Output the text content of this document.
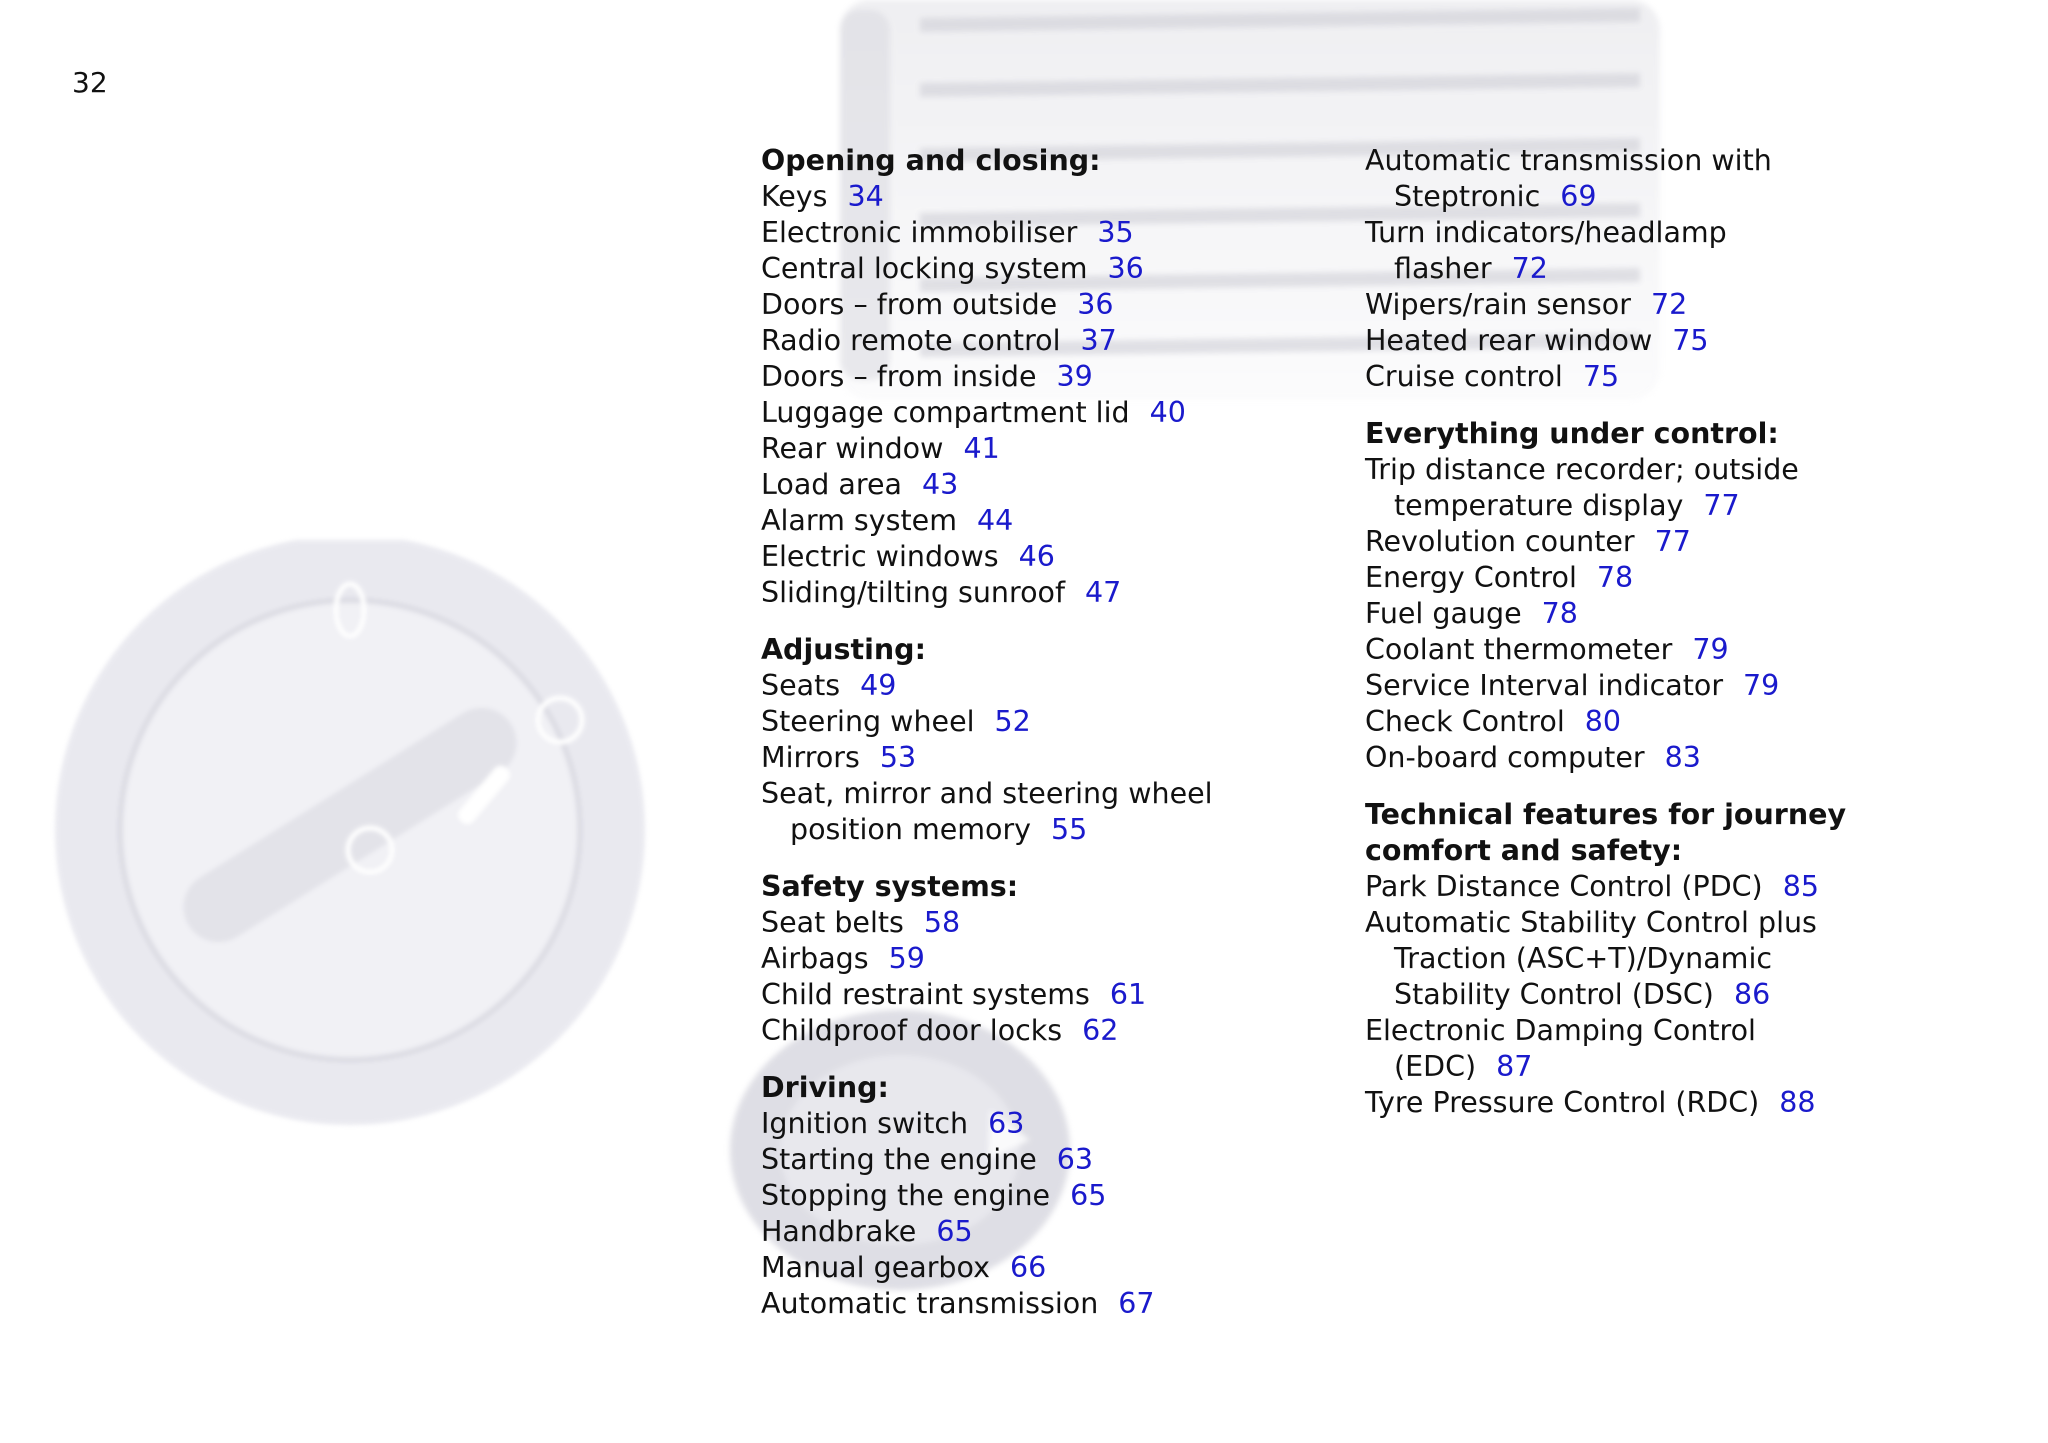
32
Opening and closing:
Keys 34
Electronic immobiliser 35
Central locking system 36
Doors – from outside 36
Radio remote control 37
Doors – from inside 39
Luggage compartment lid 40
Rear window 41
Load area 43
Alarm system 44
Electric windows 46
Sliding/tilting sunroof 47
Adjusting:
Seats 49
Steering wheel 52
Mirrors 53
Seat, mirror and steering wheel
position memory 55
Safety systems:
Seat belts 58
Airbags 59
Child restraint systems 61
Childproof door locks 62
Driving:
Ignition switch 63
Starting the engine 63
Stopping the engine 65
Handbrake 65
Manual gearbox 66
Automatic transmission 67
Automatic transmission with
Steptronic 69
Turn indicators/headlamp
flasher 72
Wipers/rain sensor 72
Heated rear window 75
Cruise control 75
Everything under control:
Trip distance recorder; outside
temperature display 77
Revolution counter 77
Energy Control 78
Fuel gauge 78
Coolant thermometer 79
Service Interval indicator 79
Check Control 80
On-board computer 83
Technical features for journey
comfort and safety:
Park Distance Control (PDC) 85
Automatic Stability Control plus
Traction (ASC+T)/Dynamic
Stability Control (DSC) 86
Electronic Damping Control
(EDC) 87
Tyre Pressure Control (RDC) 88
